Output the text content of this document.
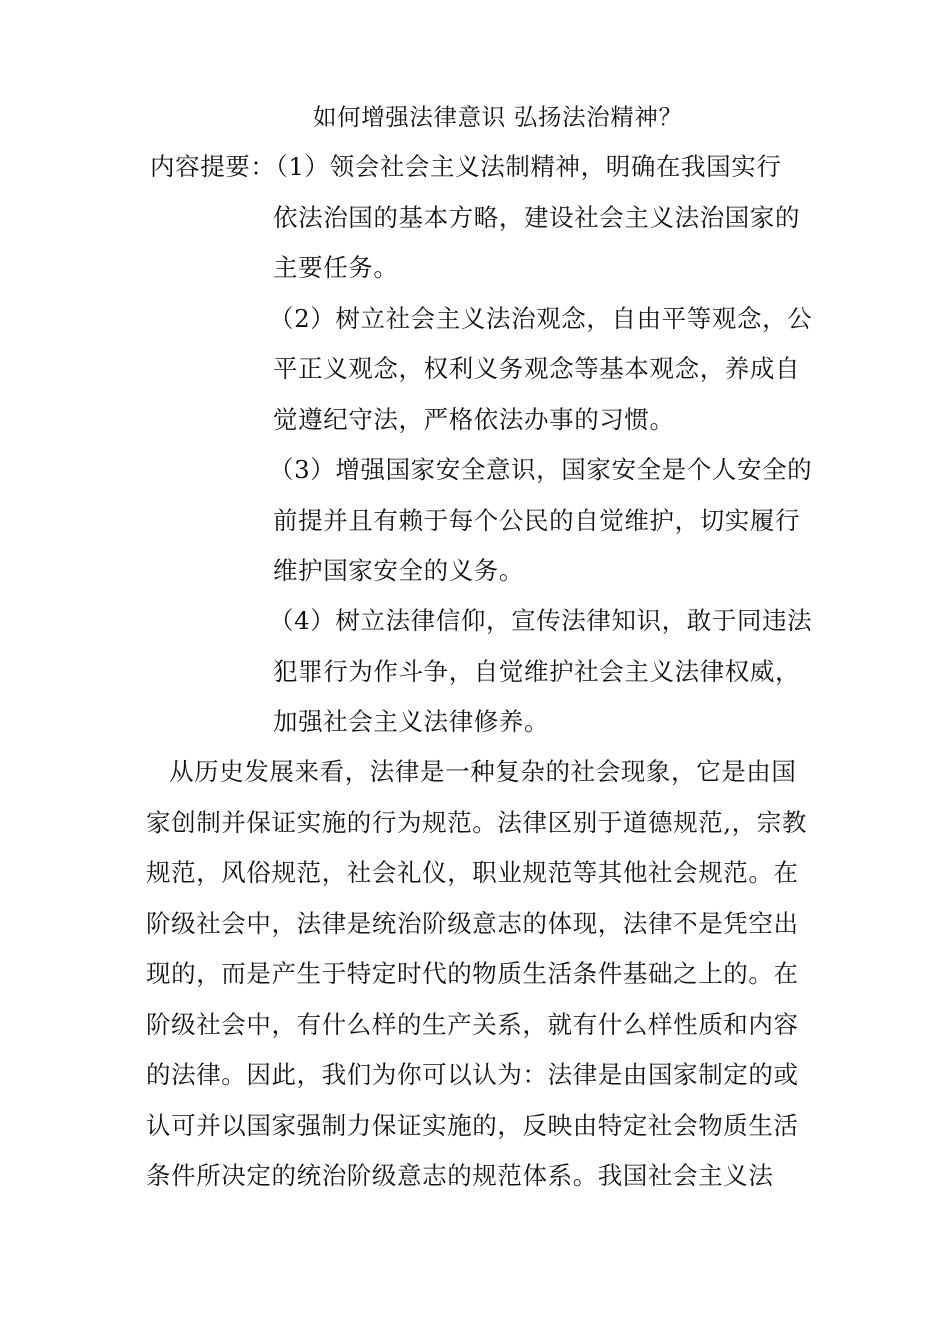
如何增强法律意识 弘扬法治精神？
内容提要：（1）领会社会主义法制精神，明确在我国实行
依法治国的基本方略，建设社会主义法治国家的
主要任务。
（2）树立社会主义法治观念，自由平等观念，公
平正义观念，权利义务观念等基本观念，养成自
觉遵纪守法，严格依法办事的习惯。
（3）增强国家安全意识，国家安全是个人安全的
前提并且有赖于每个公民的自觉维护，切实履行
维护国家安全的义务。
（4）树立法律信仰，宣传法律知识，敢于同违法
犯罪行为作斗争，自觉维护社会主义法律权威，
加强社会主义法律修养。
从历史发展来看，法律是一种复杂的社会现象，它是由国
家创制并保证实施的行为规范。法律区别于道德规范,，宗教
规范，风俗规范，社会礼仪，职业规范等其他社会规范。在
阶级社会中，法律是统治阶级意志的体现，法律不是凭空出
现的，而是产生于特定时代的物质生活条件基础之上的。在
阶级社会中，有什么样的生产关系，就有什么样性质和内容
的法律。因此，我们为你可以认为：法律是由国家制定的或
认可并以国家强制力保证实施的，反映由特定社会物质生活
条件所决定的统治阶级意志的规范体系。我国社会主义法
